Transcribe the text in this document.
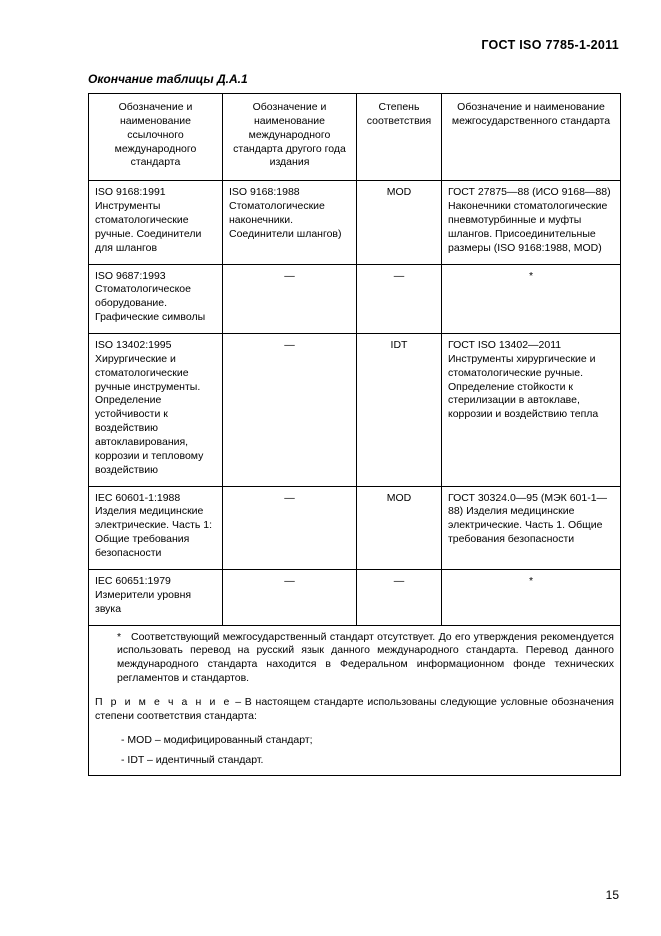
ГОСТ ISO 7785-1-2011
Окончание таблицы Д.А.1
Обозначение и наименование ссылочного международного стандарта	Обозначение и наименование международного стандарта другого года издания	Степень соответствия	Обозначение и наименование межгосударственного стандарта
ISO 9168:1991 Инструменты стоматологические ручные. Соединители для шлангов	ISO 9168:1988 Стоматологические наконечники. Соединители шлангов)	MOD	ГОСТ 27875—88 (ИСО 9168—88) Наконечники стоматологические пневмотурбинные и муфты шлангов. Присоединительные размеры (ISO 9168:1988, MOD)
ISO 9687:1993 Стоматологическое оборудование. Графические символы	—	—	*
ISO 13402:1995 Хирургические и стоматологические ручные инструменты. Определение устойчивости к воздействию автоклавирования, коррозии и тепловому воздействию	—	IDT	ГОСТ ISO 13402—2011 Инструменты хирургические и стоматологические ручные. Определение стойкости к стерилизации в автоклаве, коррозии и воздействию тепла
IEC 60601-1:1988 Изделия медицинские электрические. Часть 1: Общие требования безопасности	—	MOD	ГОСТ 30324.0—95 (МЭК 601-1—88) Изделия медицинские электрические. Часть 1. Общие требования безопасности
IEC 60651:1979 Измерители уровня звука	—	—	*

* Соответствующий межгосударственный стандарт отсутствует. До его утверждения рекомендуется использовать перевод на русский язык данного международного стандарта. Перевод данного международного стандарта находится в Федеральном информационном фонде технических регламентов и стандартов.
П р и м е ч а н и е – В настоящем стандарте использованы следующие условные обозначения степени соответствия стандарта:
- MOD – модифицированный стандарт;
- IDT – идентичный стандарт.			
15
